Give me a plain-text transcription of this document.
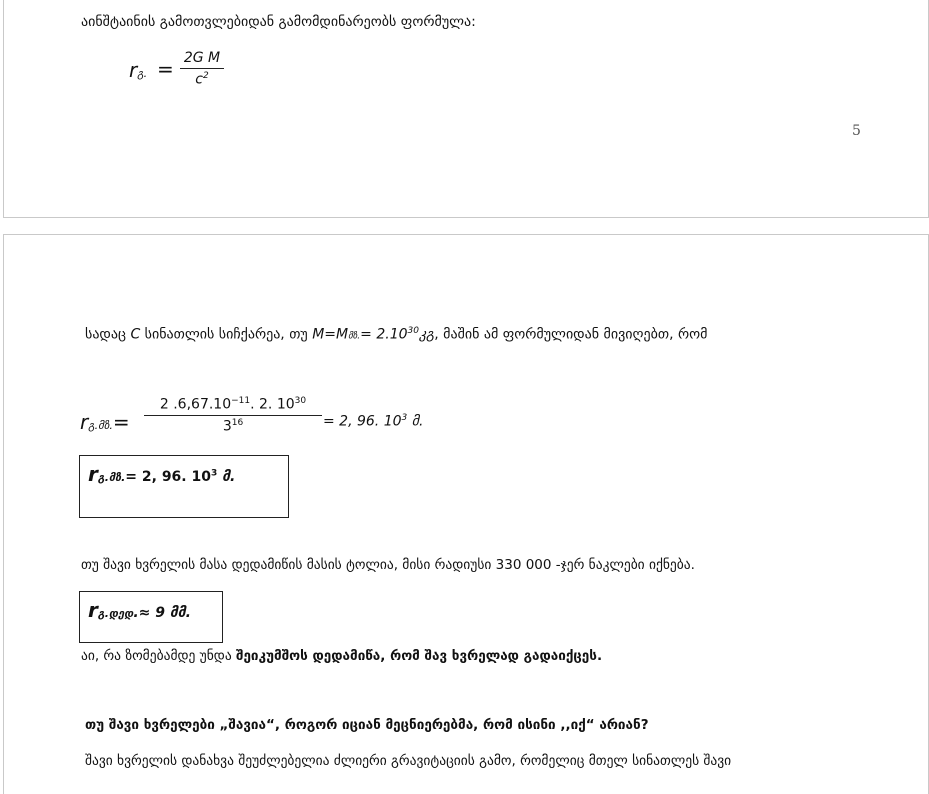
აინშტაინის გამოთვლებიდან გამომდინარეობს ფორმულა:
rგ. = 2G M
$c^2$
5
სადაც C სინათლის სიჩქარეა, თუ M=Mმზ.= $2.10^{30}კგ$, მაშინ ამ ფორმულიდან მივიღებთ, რომ
rგ.მზ.=
2 $.6,67.10^{-11}$. 2. $10^{30}$
$3^{16}$	= 2, 96. $10^3$ მ.
rგ.მზ.= 2, 96. $10^3$ მ.
თუ შავი ხვრელის მასა დედამიწის მასის ტოლია, მისი რადიუსი 330 000 -ჯერ ნაკლები იქნება.
rგ.დედ.≈ 9 მმ.
აი, რა ზომებამდე უნდა შეიკუმშოს დედამიწა, რომ შავ ხვრელად გადაიქცეს.
თუ შავი ხვრელები „შავია“, როგორ იციან მეცნიერებმა, რომ ისინი ,,იქ“ არიან?
შავი ხვრელის დანახვა შეუძლებელია ძლიერი გრავიტაციის გამო, რომელიც მთელ სინათლეს შავი
